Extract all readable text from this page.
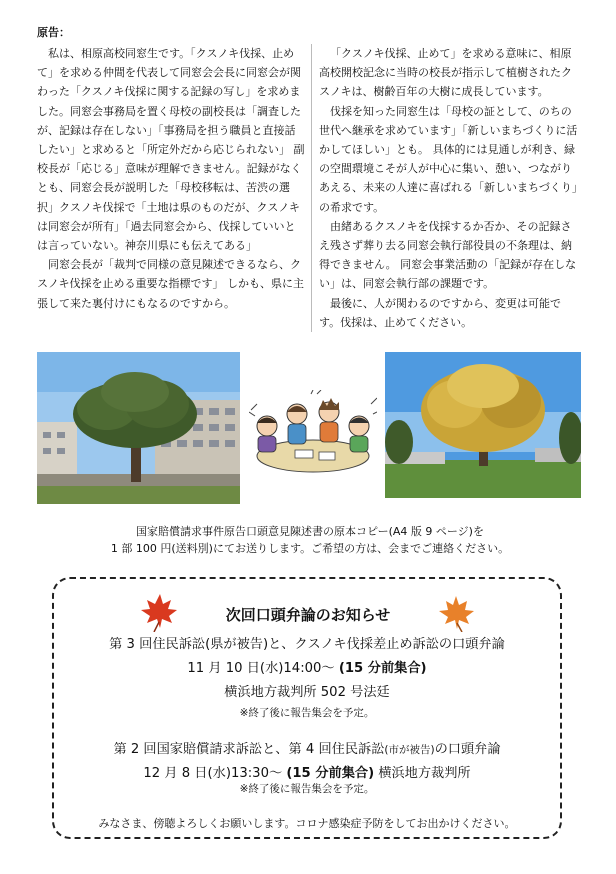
原告：

私は、相原高校同窓生です。「クスノキ伐採、止めて」を求める仲間を代表して同窓会会長に同窓会が関わった「クスノキ伐採に関する記録の写し」を求めました。同窓会事務局を置く母校の副校長は「調査したが、記録は存在しない」「事務局を担う職員と直接話したい」と求めると「所定外だから応じられない」 副校長が「応じる」意味が理解できません。記録がなくとも、同窓会長が説明した「母校移転は、苦渋の選択」クスノキ伐採で「土地は県のものだが、クスノキは同窓会が所有」「過去同窓会から、伐採していいとは言っていない。神奈川県にも伝えてある」

同窓会長が「裁判で同様の意見陳述できるなら、クスノキ伐採を止める重要な指標です」 しかも、県に主張して来た裏付けにもなるのですから。

「クスノキ伐採、止めて」を求める意味に、相原高校開校記念に当時の校長が指示して植樹されたクスノキは、樹齢百年の大樹に成長しています。

伐採を知った同窓生は「母校の証として、のちの世代へ継承を求めています」「新しいまちづくりに活かしてほしい」とも。 具体的には見通しが利き、緑の空間環境こそが人が中心に集い、憩い、つながりあえる、未来の人達に喜ばれる「新しいまちづくり」の希求です。

由緒あるクスノキを伐採するか否か、その記録さえ残さず葬り去る同窓会執行部役員の不条理は、納得できません。 同窓会事業活動の「記録が存在しない」は、同窓会執行部の課題です。

最後に、人が関わるのですから、変更は可能です。伐採は、止めてください。

国家賠償請求事件原告口頭意見陳述書の原本コピー(A4 版 9 ページ)を
1 部 100 円(送料別)にてお送りします。ご希望の方は、会までご連絡ください。
次回口頭弁論のお知らせ
第 3 回住民訴訟(県が被告)と、クスノキ伐採差止め訴訟の口頭弁論
11 月 10 日(水)14:00～ (15 分前集合)
横浜地方裁判所 502 号法廷
※終了後に報告集会を予定。
第 2 回国家賠償請求訴訟と、第 4 回住民訴訟(市が被告)の口頭弁論
12 月 8 日(水)13:30～ (15 分前集合) 横浜地方裁判所
※終了後に報告集会を予定。
みなさま、傍聴よろしくお願いします。コロナ感染症予防をしてお出かけください。
